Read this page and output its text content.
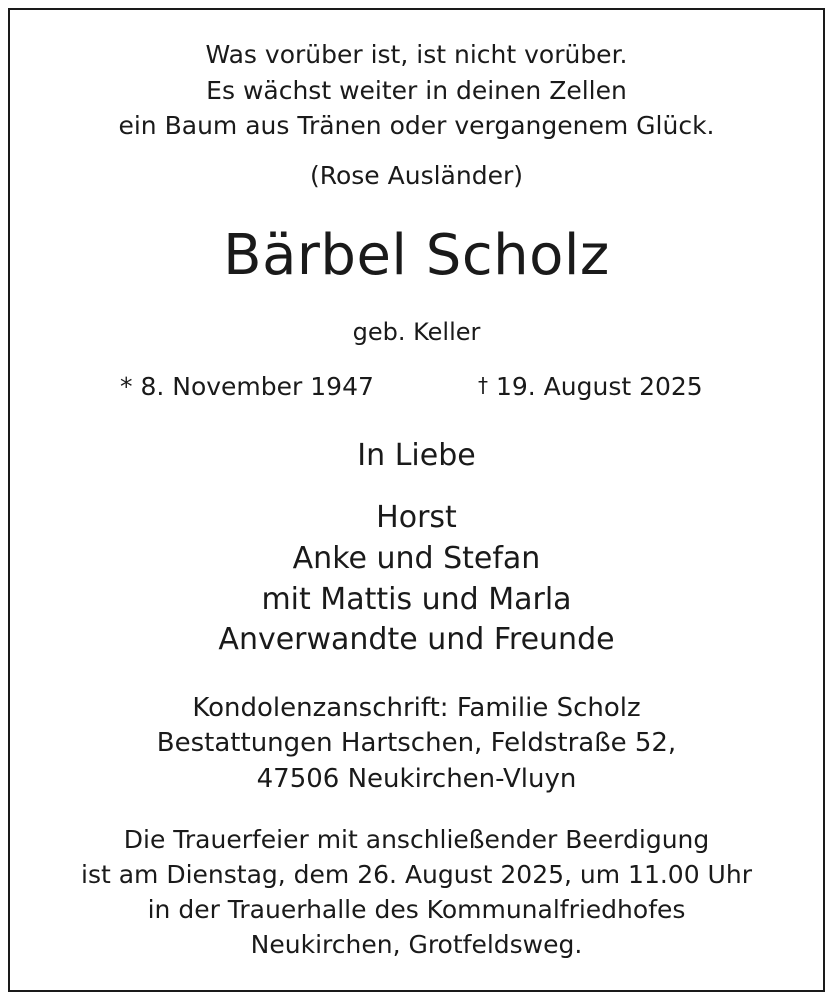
Was vorüber ist, ist nicht vorüber.
Es wächst weiter in deinen Zellen
ein Baum aus Tränen oder vergangenem Glück.
(Rose Ausländer)
Bärbel Scholz
geb. Keller
* 8. November 1947	† 19. August 2025
In Liebe
Horst
Anke und Stefan
mit Mattis und Marla
Anverwandte und Freunde
Kondolenzanschrift: Familie Scholz
Bestattungen Hartschen, Feldstraße 52,
47506 Neukirchen-Vluyn
Die Trauerfeier mit anschließender Beerdigung
ist am Dienstag, dem 26. August 2025, um 11.00 Uhr
in der Trauerhalle des Kommunalfriedhofes
Neukirchen, Grotfeldsweg.
